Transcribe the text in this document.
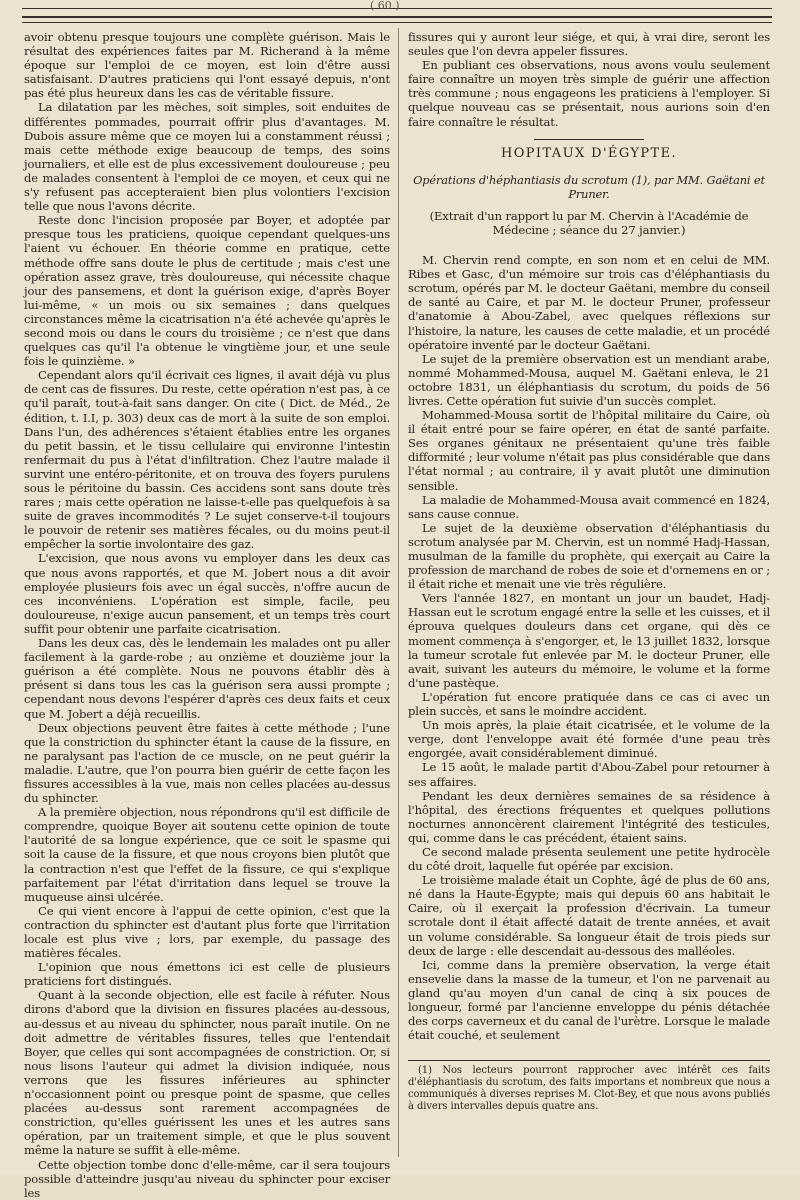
( 60 )

avoir obtenu presque toujours une complète guérison. Mais le résultat des expériences faites par M. Richerand à la même époque sur l'emploi de ce moyen, est loin d'être aussi satisfaisant. D'autres praticiens qui l'ont essayé depuis, n'ont pas été plus heureux dans les cas de véritable fissure.

La dilatation par les mèches, soit simples, soit enduites de différentes pommades, pourrait offrir plus d'avantages. M. Dubois assure même que ce moyen lui a constamment réussi ; mais cette méthode exige beaucoup de temps, des soins journaliers, et elle est de plus excessivement douloureuse ; peu de malades consentent à l'emploi de ce moyen, et ceux qui ne s'y refusent pas accepteraient bien plus volontiers l'excision telle que nous l'avons décrite.

Reste donc l'incision proposée par Boyer, et adoptée par presque tous les praticiens, quoique cependant quelques-uns l'aient vu échouer. En théorie comme en pratique, cette méthode offre sans doute le plus de certitude ; mais c'est une opération assez grave, très douloureuse, qui nécessite chaque jour des pansemens, et dont la guérison exige, d'après Boyer lui-même, « un mois ou six semaines ; dans quelques circonstances même la cicatrisation n'a été achevée qu'après le second mois ou dans le cours du troisième ; ce n'est que dans quelques cas qu'il l'a obtenue le vingtième jour, et une seule fois le quinzième. »

Cependant alors qu'il écrivait ces lignes, il avait déjà vu plus de cent cas de fissures. Du reste, cette opération n'est pas, à ce qu'il paraît, tout-à-fait sans danger. On cite ( Dict. de Méd., 2e édition, t. I.I, p. 303) deux cas de mort à la suite de son emploi. Dans l'un, des adhérences s'étaient établies entre les organes du petit bassin, et le tissu cellulaire qui environne l'intestin renfermait du pus à l'état d'infiltration. Chez l'autre malade il survint une entéro-péritonite, et on trouva des foyers purulens sous le péritoine du bassin. Ces accidens sont sans doute très rares ; mais cette opération ne laisse-t-elle pas quelquefois à sa suite de graves incommodités ? Le sujet conserve-t-il toujours le pouvoir de retenir ses matières fécales, ou du moins peut-il empêcher la sortie involontaire des gaz.

L'excision, que nous avons vu employer dans les deux cas que nous avons rapportés, et que M. Jobert nous a dit avoir employée plusieurs fois avec un égal succès, n'offre aucun de ces inconvéniens. L'opération est simple, facile, peu douloureuse, n'exige aucun pansement, et un temps très court suffit pour obtenir une parfaite cicatrisation.

Dans les deux cas, dès le lendemain les malades ont pu aller facilement à la garde-robe ; au onzième et douzième jour la guérison a été complète. Nous ne pouvons établir dès à présent si dans tous les cas la guérison sera aussi prompte ; cependant nous devons l'espérer d'après ces deux faits et ceux que M. Jobert a déjà recueillis.

Deux objections peuvent être faites à cette méthode ; l'une que la constriction du sphincter étant la cause de la fissure, en ne paralysant pas l'action de ce muscle, on ne peut guérir la maladie. L'autre, que l'on pourra bien guérir de cette façon les fissures accessibles à la vue, mais non celles placées au-dessus du sphincter.

A la première objection, nous répondrons qu'il est difficile de comprendre, quoique Boyer ait soutenu cette opinion de toute l'autorité de sa longue expérience, que ce soit le spasme qui soit la cause de la fissure, et que nous croyons bien plutôt que la contraction n'est que l'effet de la fissure, ce qui s'explique parfaitement par l'état d'irritation dans lequel se trouve la muqueuse ainsi ulcérée.

Ce qui vient encore à l'appui de cette opinion, c'est que la contraction du sphincter est d'autant plus forte que l'irritation locale est plus vive ; lors, par exemple, du passage des matières fécales.

L'opinion que nous émettons ici est celle de plusieurs praticiens fort distingués.

Quant à la seconde objection, elle est facile à réfuter. Nous dirons d'abord que la division en fissures placées au-dessous, au-dessus et au niveau du sphincter, nous paraît inutile. On ne doit admettre de véritables fissures, telles que l'entendait Boyer, que celles qui sont accompagnées de constriction. Or, si nous lisons l'auteur qui admet la division indiquée, nous verrons que les fissures inférieures au sphincter n'occasionnent point ou presque point de spasme, que celles placées au-dessus sont rarement accompagnées de constriction, qu'elles guérissent les unes et les autres sans opération, par un traitement simple, et que le plus souvent même la nature se suffit à elle-même.

Cette objection tombe donc d'elle-même, car il sera toujours possible d'atteindre jusqu'au niveau du sphincter pour exciser les

fissures qui y auront leur siége, et qui, à vrai dire, seront les seules que l'on devra appeler fissures.

En publiant ces observations, nous avons voulu seulement faire connaître un moyen très simple de guérir une affection très commune ; nous engageons les praticiens à l'employer. Si quelque nouveau cas se présentait, nous aurions soin d'en faire connaître le résultat.

HOPITAUX D'ÉGYPTE.

Opérations d'héphantiasis du scrotum (1), par MM. Gaëtani et Pruner.

(Extrait d'un rapport lu par M. Chervin à l'Académie de Médecine ; séance du 27 janvier.)

M. Chervin rend compte, en son nom et en celui de MM. Ribes et Gasc, d'un mémoire sur trois cas d'éléphantiasis du scrotum, opérés par M. le docteur Gaëtani, membre du conseil de santé au Caire, et par M. le docteur Pruner, professeur d'anatomie à Abou-Zabel, avec quelques réflexions sur l'histoire, la nature, les causes de cette maladie, et un procédé opératoire inventé par le docteur Gaëtani.

Le sujet de la première observation est un mendiant arabe, nommé Mohammed-Mousa, auquel M. Gaëtani enleva, le 21 octobre 1831, un éléphantiasis du scrotum, du poids de 56 livres. Cette opération fut suivie d'un succès complet.

Mohammed-Mousa sortit de l'hôpital militaire du Caire, où il était entré pour se faire opérer, en état de santé parfaite. Ses organes génitaux ne présentaient qu'une très faible difformité ; leur volume n'était pas plus considérable que dans l'état normal ; au contraire, il y avait plutôt une diminution sensible.

La maladie de Mohammed-Mousa avait commencé en 1824, sans cause connue.

Le sujet de la deuxième observation d'éléphantiasis du scrotum analysée par M. Chervin, est un nommé Hadj-Hassan, musulman de la famille du prophète, qui exerçait au Caire la profession de marchand de robes de soie et d'ornemens en or ; il était riche et menait une vie très régulière.

Vers l'année 1827, en montant un jour un baudet, Hadj-Hassan eut le scrotum engagé entre la selle et les cuisses, et il éprouva quelques douleurs dans cet organe, qui dès ce moment commença à s'engorger, et, le 13 juillet 1832, lorsque la tumeur scrotale fut enlevée par M. le docteur Pruner, elle avait, suivant les auteurs du mémoire, le volume et la forme d'une pastèque.

L'opération fut encore pratiquée dans ce cas ci avec un plein succès, et sans le moindre accident.

Un mois après, la plaie était cicatrisée, et le volume de la verge, dont l'enveloppe avait été formée d'une peau très engorgée, avait considérablement diminué.

Le 15 août, le malade partit d'Abou-Zabel pour retourner à ses affaires.

Pendant les deux dernières semaines de sa résidence à l'hôpital, des érections fréquentes et quelques pollutions nocturnes annoncèrent clairement l'intégrité des testicules, qui, comme dans le cas précédent, étaient sains.

Ce second malade présenta seulement une petite hydrocèle du côté droit, laquelle fut opérée par excision.

Le troisième malade était un Cophte, âgé de plus de 60 ans, né dans la Haute-Égypte; mais qui depuis 60 ans habitait le Caire, où il exerçait la profession d'écrivain. La tumeur scrotale dont il était affecté datait de trente années, et avait un volume considérable. Sa longueur était de trois pieds sur deux de large : elle descendait au-dessous des malléoles.

Ici, comme dans la première observation, la verge était ensevelie dans la masse de la tumeur, et l'on ne parvenait au gland qu'au moyen d'un canal de cinq à six pouces de longueur, formé par l'ancienne enveloppe du pénis détachée des corps caverneux et du canal de l'urètre. Lorsque le malade était couché, et seulement

(1) Nos lecteurs pourront rapprocher avec intérêt ces faits d'éléphantiasis du scrotum, des faits importans et nombreux que nous a communiqués à diverses reprises M. Clot-Bey, et que nous avons publiés à divers intervalles depuis quatre ans.
